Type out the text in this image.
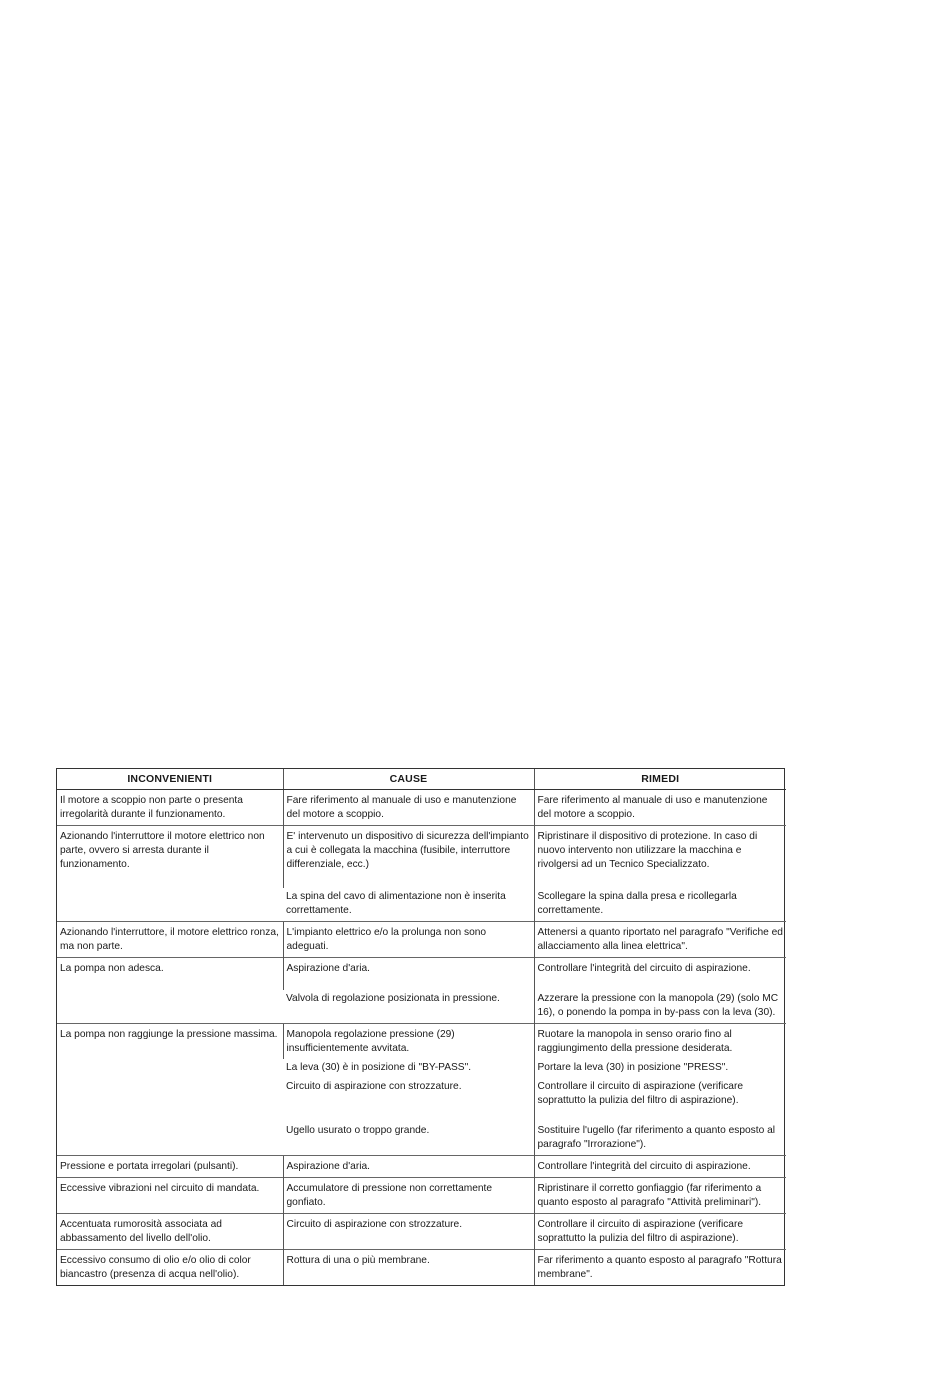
INCONVENIENTI	CAUSE	RIMEDI
Il motore a scoppio non parte o presenta irregolarità durante il funzionamento.	Fare riferimento al manuale di uso e manutenzione del motore a scoppio.	Fare riferimento al manuale di uso e manutenzione del motore a scoppio.
Azionando l'interruttore il motore elettrico non parte, ovvero si arresta durante il funzionamento.	E' intervenuto un dispositivo di sicurezza dell'impianto a cui è collegata la macchina (fusibile, interruttore differenziale, ecc.)	Ripristinare il dispositivo di protezione. In caso di nuovo intervento non utilizzare la macchina e rivolgersi ad un Tecnico Specializzato.
	La spina del cavo di alimentazione non è inserita correttamente.	Scollegare la spina dalla presa e ricollegarla correttamente.
Azionando l'interruttore, il motore elettrico ronza, ma non parte.	L'impianto elettrico e/o la prolunga non sono adeguati.	Attenersi a quanto riportato nel paragrafo "Verifiche ed allacciamento alla linea elettrica".
La pompa non adesca.	Aspirazione d'aria.	Controllare l'integrità del circuito di aspirazione.
	Valvola di regolazione posizionata in pressione.	Azzerare la pressione con la manopola (29) (solo MC 16), o ponendo la pompa in by-pass con la leva (30).
La pompa non raggiunge la pressione massima.	Manopola regolazione pressione (29) insufficientemente avvitata.	Ruotare la manopola in senso orario fino al raggiungimento della pressione desiderata.
	La leva (30) è in posizione di "BY-PASS".	Portare la leva (30) in posizione "PRESS".
	Circuito di aspirazione con strozzature.	Controllare il circuito di aspirazione (verificare soprattutto la pulizia del filtro di aspirazione).
	Ugello usurato o troppo grande.	Sostituire l'ugello (far riferimento a quanto esposto al paragrafo "Irrorazione").
Pressione e portata irregolari (pulsanti).	Aspirazione d'aria.	Controllare l'integrità del circuito di aspirazione.
Eccessive vibrazioni nel circuito di mandata.	Accumulatore di pressione non correttamente gonfiato.	Ripristinare il corretto gonfiaggio (far riferimento a quanto esposto al paragrafo "Attività preliminari").
Accentuata rumorosità associata ad abbassamento del livello dell'olio.	Circuito di aspirazione con strozzature.	Controllare il circuito di aspirazione (verificare soprattutto la pulizia del filtro di aspirazione).
Eccessivo consumo di olio e/o olio di color biancastro (presenza di acqua nell'olio).	Rottura di una o più membrane.	Far riferimento a quanto esposto al paragrafo "Rottura membrane".
